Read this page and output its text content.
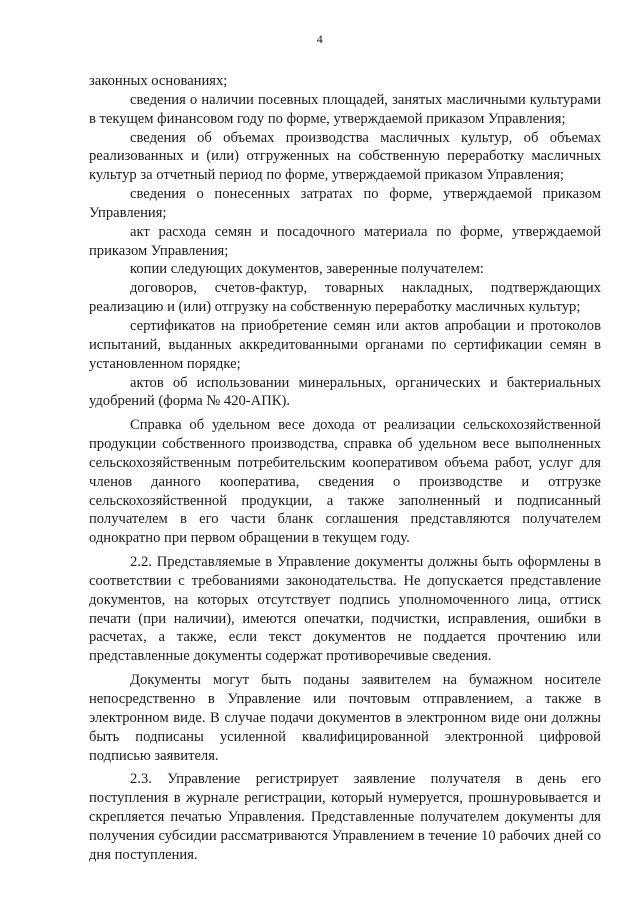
4

законных основаниях;

сведения о наличии посевных площадей, занятых масличными культурами в текущем финансовом году по форме, утверждаемой приказом Управления;

сведения об объемах производства масличных культур, об объемах реализованных и (или) отгруженных на собственную переработку масличных культур за отчетный период по форме, утверждаемой приказом Управления;

сведения о понесенных затратах по форме, утверждаемой приказом Управления;

акт расхода семян и посадочного материала по форме, утверждаемой приказом Управления;

копии следующих документов, заверенные получателем:

договоров, счетов-фактур, товарных накладных, подтверждающих реализацию и (или) отгрузку на собственную переработку масличных культур;

сертификатов на приобретение семян или актов апробации и протоколов испытаний, выданных аккредитованными органами по сертификации семян в установленном порядке;

актов об использовании минеральных, органических и бактериальных удобрений (форма № 420-АПК).

Справка об удельном весе дохода от реализации сельскохозяйственной продукции собственного производства, справка об удельном весе выполненных сельскохозяйственным потребительским кооперативом объема работ, услуг для членов данного кооператива, сведения о производстве и отгрузке сельскохозяйственной продукции, а также заполненный и подписанный получателем в его части бланк соглашения представляются получателем однократно при первом обращении в текущем году.

2.2. Представляемые в Управление документы должны быть оформлены в соответствии с требованиями законодательства. Не допускается представление документов, на которых отсутствует подпись уполномоченного лица, оттиск печати (при наличии), имеются опечатки, подчистки, исправления, ошибки в расчетах, а также, если текст документов не поддается прочтению или представленные документы содержат противоречивые сведения.

Документы могут быть поданы заявителем на бумажном носителе непосредственно в Управление или почтовым отправлением, а также в электронном виде. В случае подачи документов в электронном виде они должны быть подписаны усиленной квалифицированной электронной цифровой подписью заявителя.

2.3. Управление регистрирует заявление получателя в день его поступления в журнале регистрации, который нумеруется, прошнуровывается и скрепляется печатью Управления. Представленные получателем документы для получения субсидии рассматриваются Управлением в течение 10 рабочих дней со дня поступления.
